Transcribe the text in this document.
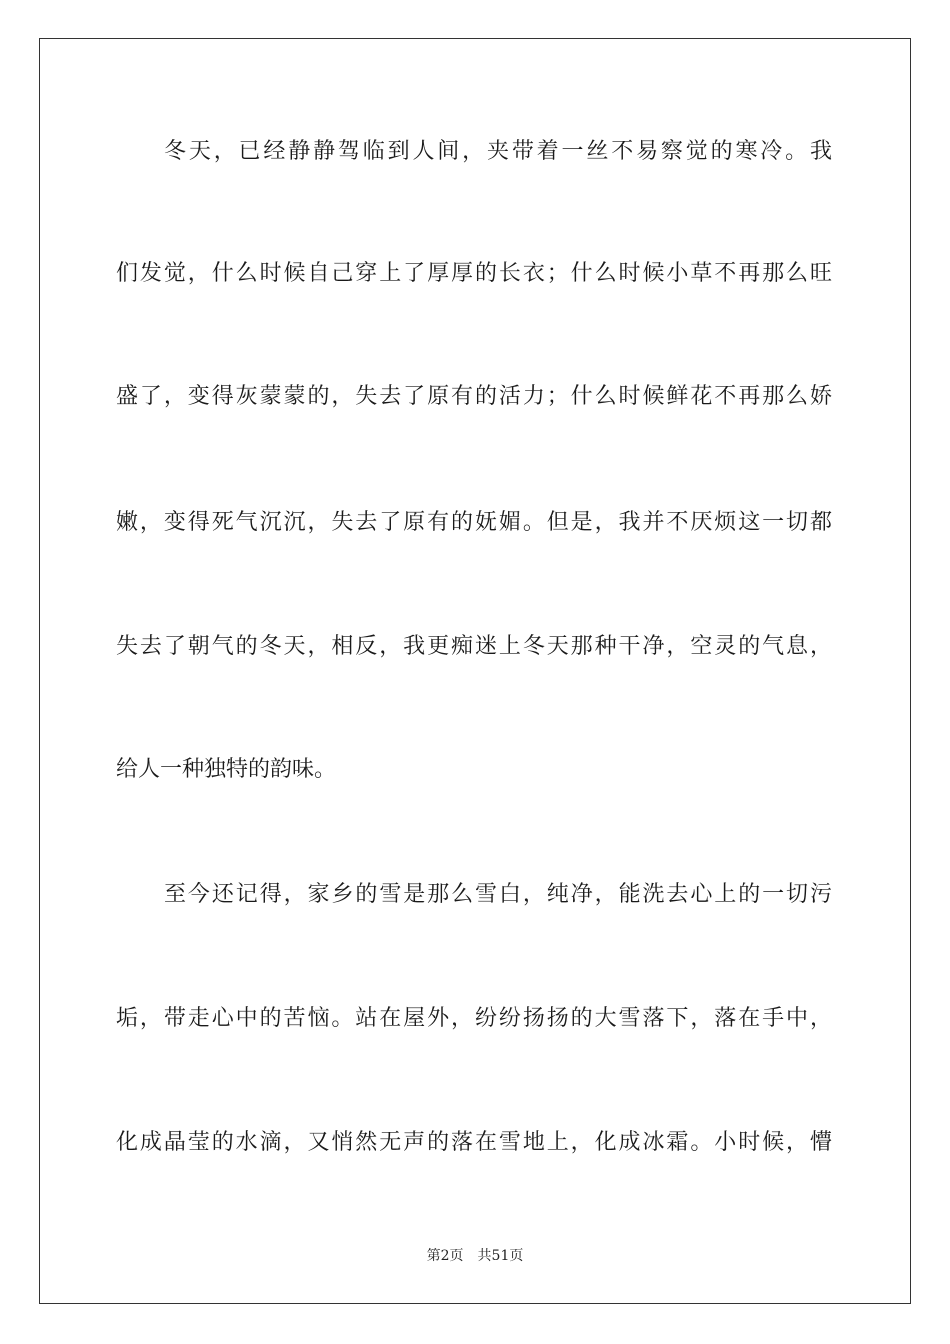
冬天，已经静静驾临到人间，夹带着一丝不易察觉的寒冷。我
们发觉，什么时候自己穿上了厚厚的长衣；什么时候小草不再那么旺
盛了，变得灰蒙蒙的，失去了原有的活力；什么时候鲜花不再那么娇
嫩，变得死气沉沉，失去了原有的妩媚。但是，我并不厌烦这一切都
失去了朝气的冬天，相反，我更痴迷上冬天那种干净，空灵的气息，
给人一种独特的韵味。
至今还记得，家乡的雪是那么雪白，纯净，能洗去心上的一切污
垢，带走心中的苦恼。站在屋外，纷纷扬扬的大雪落下，落在手中，
化成晶莹的水滴，又悄然无声的落在雪地上，化成冰霜。小时候，懵
第2页 共51页
